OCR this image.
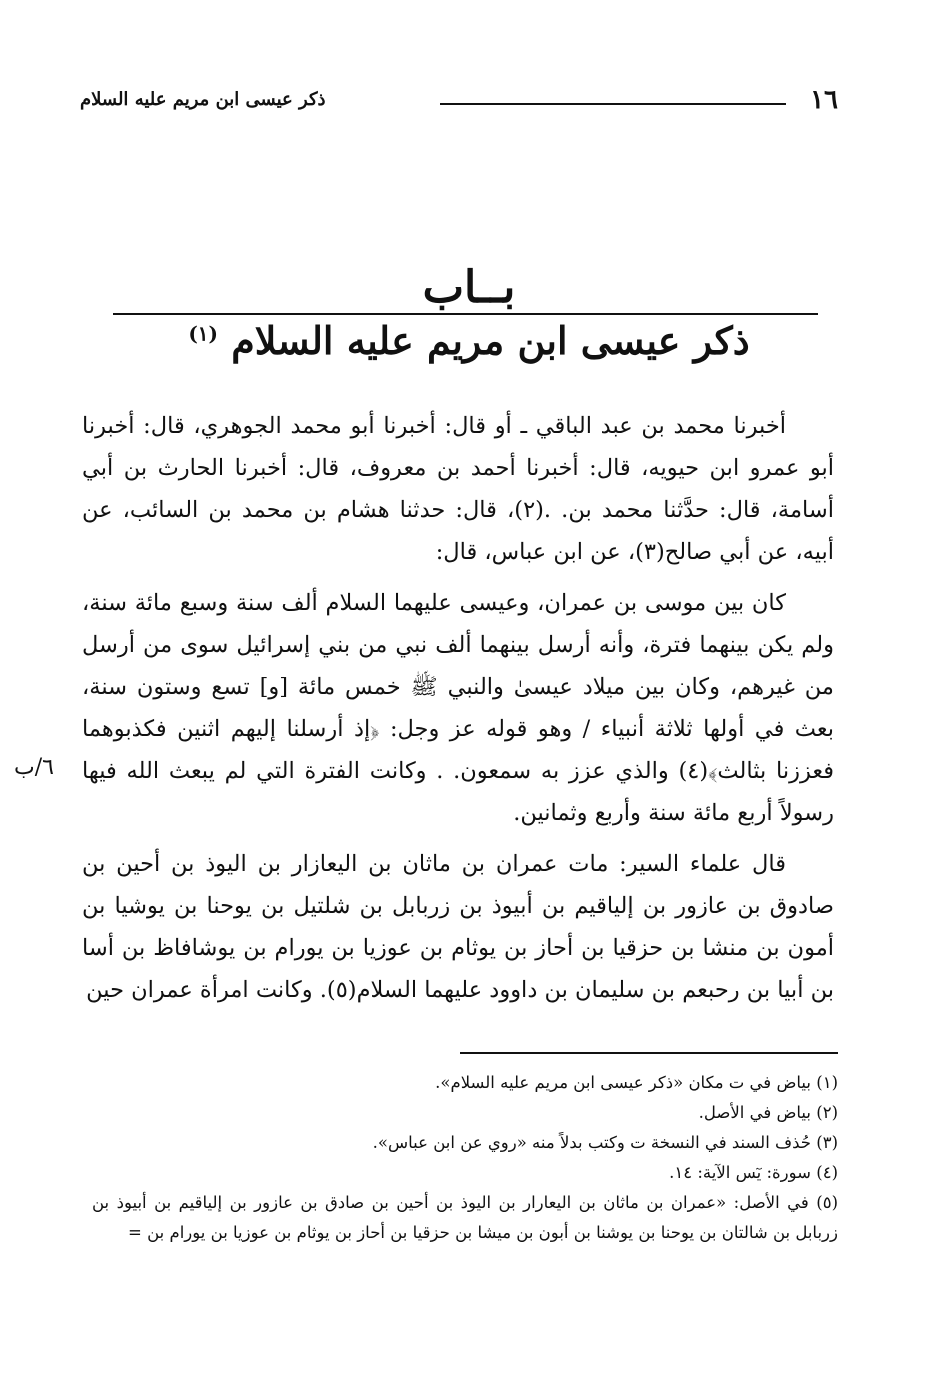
١٦
ذكر عيسى ابن مريم عليه السلام
بــاب
ذكر عيسى ابن مريم عليه السلام $^{(١)}$

أخبرنا محمد بن عبد الباقي ـ أو قال: أخبرنا أبو محمد الجوهري، قال: أخبرنا أبو عمرو ابن حيويه، قال: أخبرنا أحمد بن معروف، قال: أخبرنا الحارث بن أبي أسامة، قال: حدَّثنا محمد بن. .(٢)، قال: حدثنا هشام بن محمد بن السائب، عن أبيه، عن أبي صالح(٣)، عن ابن عباس، قال:

كان بين موسى بن عمران، وعيسى عليهما السلام ألف سنة وسبع مائة سنة، ولم يكن بينهما فترة، وأنه أرسل بينهما ألف نبي من بني إسرائيل سوى من أرسل من غيرهم، وكان بين ميلاد عيسىٰ والنبي ﷺ خمس مائة [و] تسع وستون سنة، بعث في أولها ثلاثة أنبياء / وهو قوله عز وجل: ﴿إذ أرسلنا إليهم اثنين فكذبوهما فعززنا بثالث﴾(٤) والذي عزز به سمعون. . وكانت الفترة التي لم يبعث الله فيها رسولاً أربع مائة سنة وأربع وثمانين.

قال علماء السير: مات عمران بن ماثان بن اليعازار بن اليوذ بن أحين بن صادوق بن عازور بن إلياقيم بن أبيوذ بن زربابل بن شلتيل بن يوحنا بن يوشيا بن أمون بن منشا بن حزقيا بن أحاز بن يوثام بن عوزيا بن يورام بن يوشافاظ بن أسا بن أبيا بن رحبعم بن سليمان بن داوود عليهما السلام(٥). وكانت امرأة عمران حين

٦/ب

(١) بياض في ت مكان «ذكر عيسى ابن مريم عليه السلام».

(٢) بياض في الأصل.

(٣) حُذف السند في النسخة ت وكتب بدلاً منه «روي عن ابن عباس».

(٤) سورة: يٓس الآية: ١٤.

(٥) في الأصل: «عمران بن ماثان بن اليعارار بن اليوذ بن أحين بن صادق بن عازور بن إلياقيم بن أبيوذ بن زربابل بن شالتان بن يوحنا بن يوشنا بن أبون بن ميشا بن حزقيا بن أحاز بن يوثام بن عوزيا بن يورام بن =
